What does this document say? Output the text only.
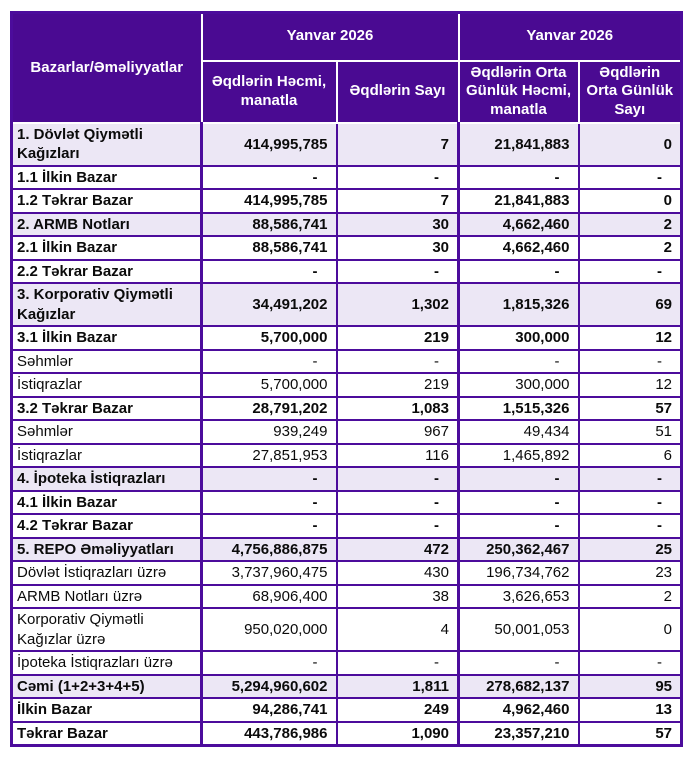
Bazarlar/Əməliyyatlar	Yanvar 2026		Yanvar 2026	
	Əqdlərin Həcmi, manatla	Əqdlərin Sayı	Əqdlərin Orta Günlük Həcmi, manatla	Əqdlərin Orta Günlük Sayı
1. Dövlət Qiymətli Kağızları	414,995,785	7	21,841,883	0
1.1 İlkin Bazar	-	-	-	-
1.2 Təkrar Bazar	414,995,785	7	21,841,883	0
2. ARMB Notları	88,586,741	30	4,662,460	2
2.1 İlkin Bazar	88,586,741	30	4,662,460	2
2.2 Təkrar Bazar	-	-	-	-
3. Korporativ Qiymətli Kağızlar	34,491,202	1,302	1,815,326	69
3.1 İlkin Bazar	5,700,000	219	300,000	12
Səhmlər	-	-	-	-
İstiqrazlar	5,700,000	219	300,000	12
3.2 Təkrar Bazar	28,791,202	1,083	1,515,326	57
Səhmlər	939,249	967	49,434	51
İstiqrazlar	27,851,953	116	1,465,892	6
4. İpoteka İstiqrazları	-	-	-	-
4.1 İlkin Bazar	-	-	-	-
4.2 Təkrar Bazar	-	-	-	-
5. REPO Əməliyyatları	4,756,886,875	472	250,362,467	25
Dövlət İstiqrazları üzrə	3,737,960,475	430	196,734,762	23
ARMB Notları üzrə	68,906,400	38	3,626,653	2
Korporativ Qiymətli Kağızlar üzrə	950,020,000	4	50,001,053	0
İpoteka İstiqrazları üzrə	-	-	-	-
Cəmi (1+2+3+4+5)	5,294,960,602	1,811	278,682,137	95
İlkin Bazar	94,286,741	249	4,962,460	13
Təkrar Bazar	443,786,986	1,090	23,357,210	57
